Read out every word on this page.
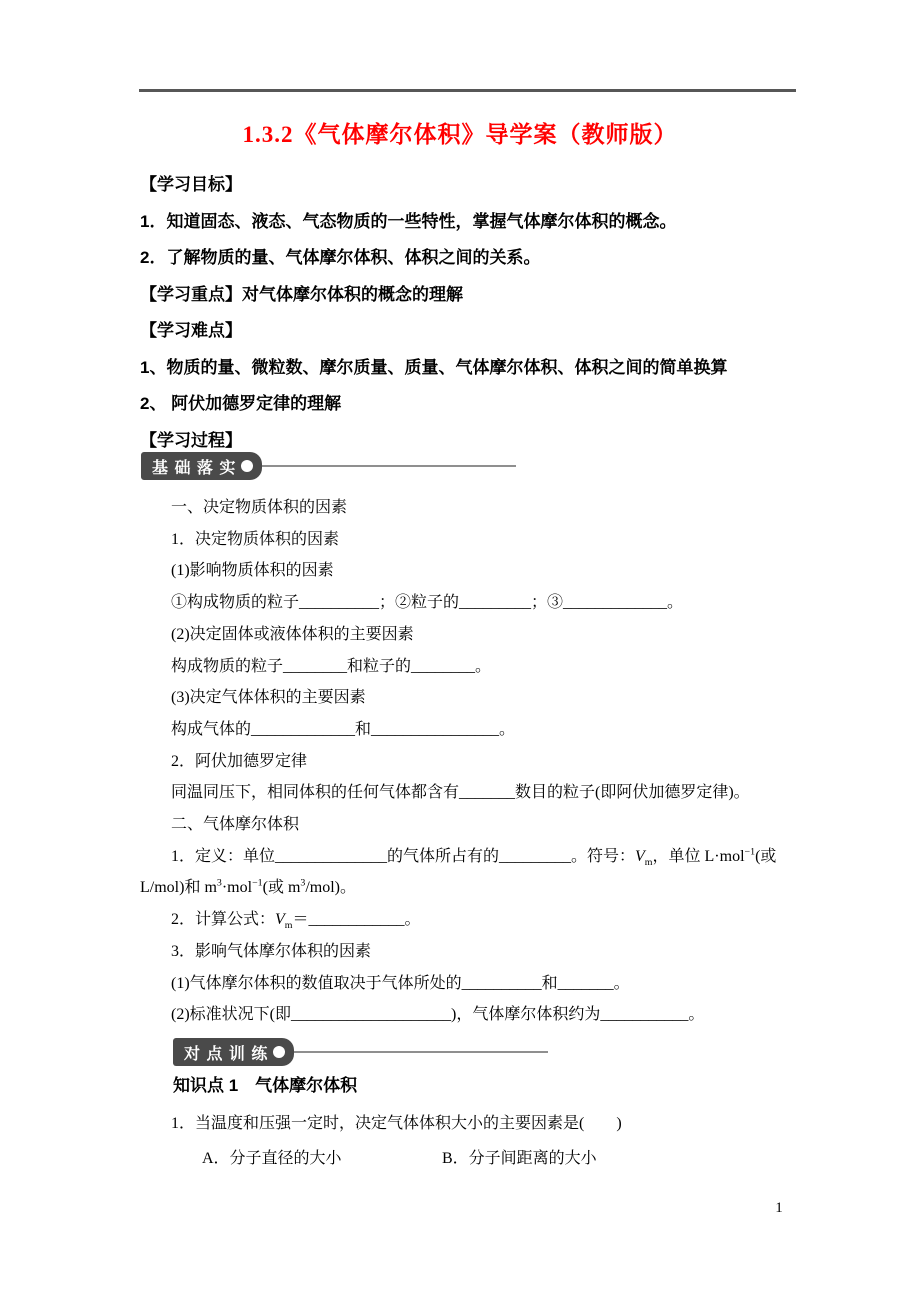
1.3.2《气体摩尔体积》导学案（教师版）

【学习目标】

1．知道固态、液态、气态物质的一些特性，掌握气体摩尔体积的概念。

2．了解物质的量、气体摩尔体积、体积之间的关系。

【学习重点】对气体摩尔体积的概念的理解

【学习难点】

1、物质的量、微粒数、摩尔质量、质量、气体摩尔体积、体积之间的简单换算

2、 阿伏加德罗定律的理解

【学习过程】

基 础 落 实

一、决定物质体积的因素

1．决定物质体积的因素

(1)影响物质体积的因素

①构成物质的粒子__________；②粒子的_________；③_____________。

(2)决定固体或液体体积的主要因素

构成物质的粒子________和粒子的________。

(3)决定气体体积的主要因素

构成气体的_____________和________________。

2．阿伏加德罗定律

同温同压下，相同体积的任何气体都含有_______数目的粒子(即阿伏加德罗定律)。

二、气体摩尔体积

1．定义：单位______________的气体所占有的_________。符号：$V_m$，单位 L·mol$^{-1}$(或

L/mol)和 $m^3\cdot mol^{-1}$(或 $m^3/mol$)。

2．计算公式：$V_m=\_\_\_\_\_\_\_\_\_\_\_\_$。

3．影响气体摩尔体积的因素

(1)气体摩尔体积的数值取决于气体所处的__________和_______。

(2)标准状况下(即____________________)，气体摩尔体积约为___________。

对 点 训 练

知识点 1　气体摩尔体积

1．当温度和压强一定时，决定气体体积大小的主要因素是(　　)

A．分子直径的大小	B．分子间距离的大小

1
